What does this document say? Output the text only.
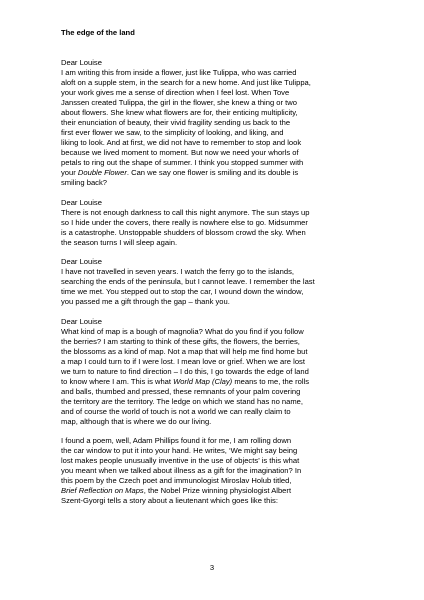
The edge of the land
Dear Louise
I am writing this from inside a flower, just like Tulippa, who was carried
aloft on a supple stem, in the search for a new home. And just like Tulippa,
your work gives me a sense of direction when I feel lost. When Tove
Janssen created Tulippa, the girl in the flower, she knew a thing or two
about flowers. She knew what flowers are for, their enticing multiplicity,
their enunciation of beauty, their vivid fragility sending us back to the
first ever flower we saw, to the simplicity of looking, and liking, and
liking to look. And at first, we did not have to remember to stop and look
because we lived moment to moment. But now we need your whorls of
petals to ring out the shape of summer. I think you stopped summer with
your Double Flower. Can we say one flower is smiling and its double is
smiling back?
Dear Louise
There is not enough darkness to call this night anymore. The sun stays up
so I hide under the covers, there really is nowhere else to go. Midsummer
is a catastrophe. Unstoppable shudders of blossom crowd the sky. When
the season turns I will sleep again.
Dear Louise
I have not travelled in seven years. I watch the ferry go to the islands,
searching the ends of the peninsula, but I cannot leave. I remember the last
time we met. You stepped out to stop the car, I wound down the window,
you passed me a gift through the gap – thank you.
Dear Louise
What kind of map is a bough of magnolia? What do you find if you follow
the berries? I am starting to think of these gifts, the flowers, the berries,
the blossoms as a kind of map. Not a map that will help me find home but
a map I could turn to if I were lost. I mean love or grief. When we are lost
we turn to nature to find direction – I do this, I go towards the edge of land
to know where I am. This is what World Map (Clay) means to me, the rolls
and balls, thumbed and pressed, these remnants of your palm covering
the territory are the territory. The ledge on which we stand has no name,
and of course the world of touch is not a world we can really claim to
map, although that is where we do our living.
I found a poem, well, Adam Phillips found it for me, I am rolling down
the car window to put it into your hand. He writes, ‘We might say being
lost makes people unusually inventive in the use of objects’ is this what
you meant when we talked about illness as a gift for the imagination? In
this poem by the Czech poet and immunologist Miroslav Holub titled,
Brief Reflection on Maps, the Nobel Prize winning physiologist Albert
Szent-Gyorgi tells a story about a lieutenant which goes like this:
3
